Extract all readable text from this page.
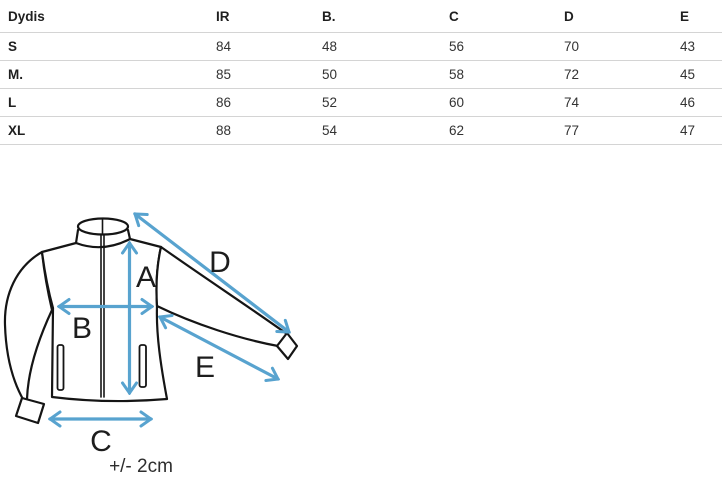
Dydis	IR	B.	C	D	E
S	84	48	56	70	43
M.	85	50	58	72	45
L	86	52	60	74	46
XL	88	54	62	77	47
A
B
C
D
E
+/- 2cm
